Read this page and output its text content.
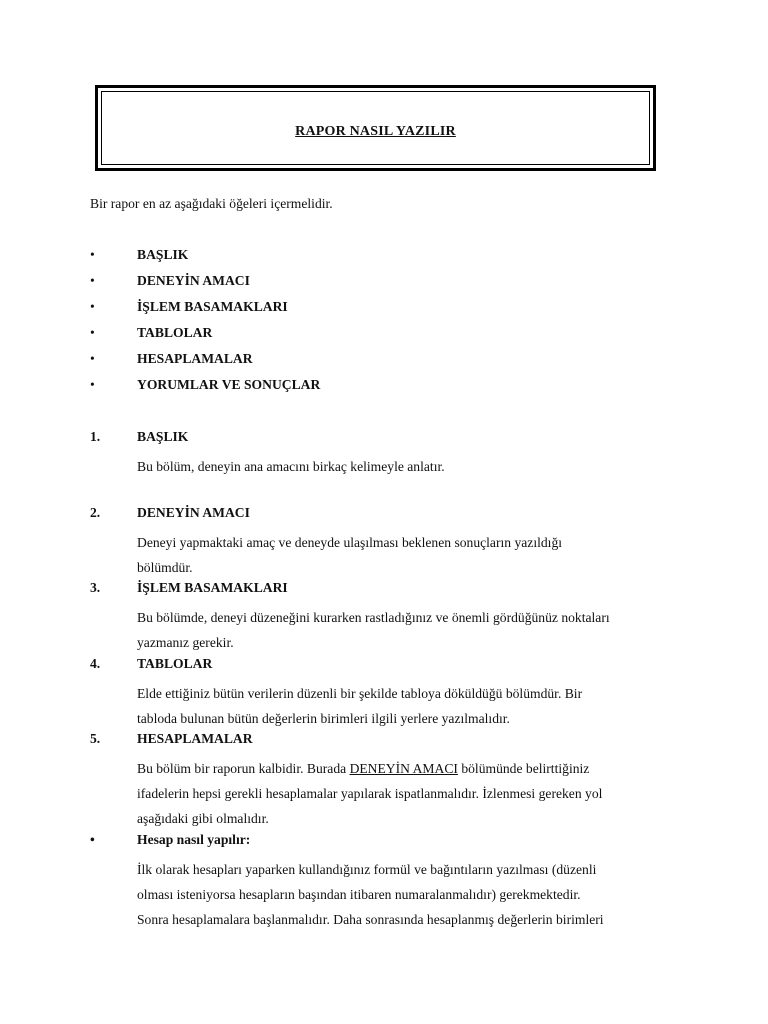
RAPOR NASIL YAZILIR
Bir rapor en az aşağıdaki öğeleri içermelidir.
•	BAŞLIK
•	DENEYİN AMACI
•	İŞLEM BASAMAKLARI
•	TABLOLAR
•	HESAPLAMALAR
•	YORUMLAR VE SONUÇLAR
1.	BAŞLIK
Bu bölüm, deneyin ana amacını birkaç kelimeyle anlatır.
2.	DENEYİN AMACI
Deneyi yapmaktaki amaç ve deneyde ulaşılması beklenen sonuçların yazıldığı
bölümdür.
3.	İŞLEM BASAMAKLARI
Bu bölümde, deneyi düzeneğini kurarken rastladığınız ve önemli gördüğünüz noktaları
yazmanız gerekir.
4.	TABLOLAR
Elde ettiğiniz bütün verilerin düzenli bir şekilde tabloya döküldüğü bölümdür. Bir
tabloda bulunan bütün değerlerin birimleri ilgili yerlere yazılmalıdır.
5.	HESAPLAMALAR
Bu bölüm bir raporun kalbidir. Burada DENEYİN AMACI bölümünde belirttiğiniz
ifadelerin hepsi gerekli hesaplamalar yapılarak ispatlanmalıdır. İzlenmesi gereken yol
aşağıdaki gibi olmalıdır.
•	Hesap nasıl yapılır:
İlk olarak hesapları yaparken kullandığınız formül ve bağıntıların yazılması (düzenli
olması isteniyorsa hesapların başından itibaren numaralanmalıdır) gerekmektedir.
Sonra hesaplamalara başlanmalıdır. Daha sonrasında hesaplanmış değerlerin birimleri
